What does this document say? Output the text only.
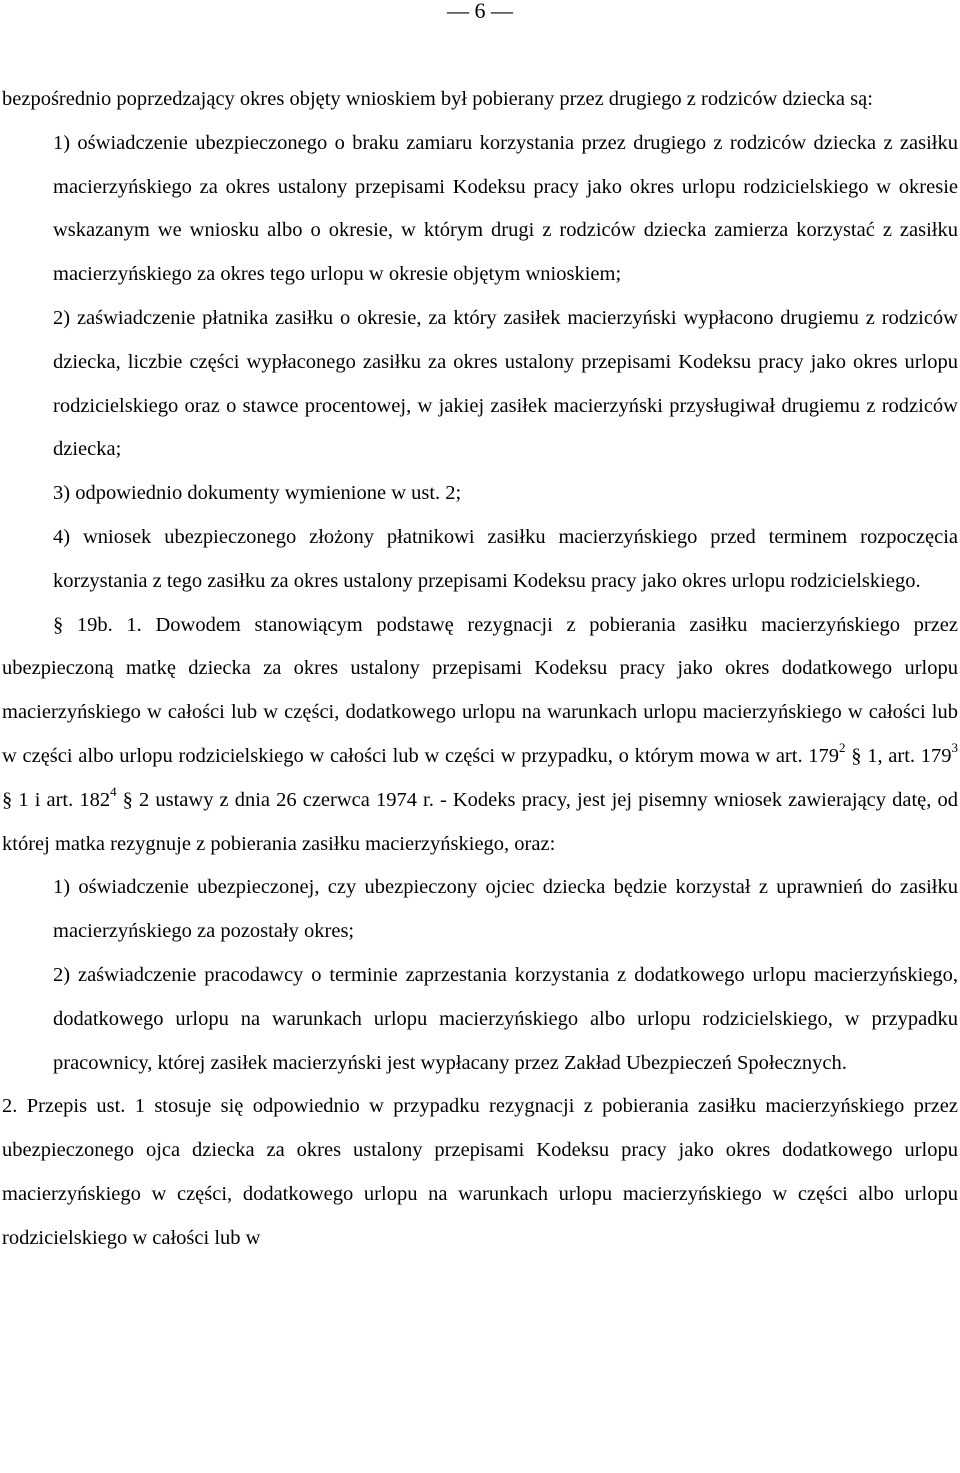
— 6 —

bezpośrednio poprzedzający okres objęty wnioskiem był pobierany przez drugiego z rodziców dziecka są:

1) oświadczenie ubezpieczonego o braku zamiaru korzystania przez drugiego z rodziców dziecka z zasiłku macierzyńskiego za okres ustalony przepisami Kodeksu pracy jako okres urlopu rodzicielskiego w okresie wskazanym we wniosku albo o okresie, w którym drugi z rodziców dziecka zamierza korzystać z zasiłku macierzyńskiego za okres tego urlopu w okresie objętym wnioskiem;

2) zaświadczenie płatnika zasiłku o okresie, za który zasiłek macierzyński wypłacono drugiemu z rodziców dziecka, liczbie części wypłaconego zasiłku za okres ustalony przepisami Kodeksu pracy jako okres urlopu rodzicielskiego oraz o stawce procentowej, w jakiej zasiłek macierzyński przysługiwał drugiemu z rodziców dziecka;

3) odpowiednio dokumenty wymienione w ust. 2;

4) wniosek ubezpieczonego złożony płatnikowi zasiłku macierzyńskiego przed terminem rozpoczęcia korzystania z tego zasiłku za okres ustalony przepisami Kodeksu pracy jako okres urlopu rodzicielskiego.

§ 19b. 1. Dowodem stanowiącym podstawę rezygnacji z pobierania zasiłku macierzyńskiego przez ubezpieczoną matkę dziecka za okres ustalony przepisami Kodeksu pracy jako okres dodatkowego urlopu macierzyńskiego w całości lub w części, dodatkowego urlopu na warunkach urlopu macierzyńskiego w całości lub w części albo urlopu rodzicielskiego w całości lub w części w przypadku, o którym mowa w art. $179^2$ § 1, art. $179^3$ § 1 i art. $182^4$ § 2 ustawy z dnia 26 czerwca 1974 r. - Kodeks pracy, jest jej pisemny wniosek zawierający datę, od której matka rezygnuje z pobierania zasiłku macierzyńskiego, oraz:

1) oświadczenie ubezpieczonej, czy ubezpieczony ojciec dziecka będzie korzystał z uprawnień do zasiłku macierzyńskiego za pozostały okres;

2) zaświadczenie pracodawcy o terminie zaprzestania korzystania z dodatkowego urlopu macierzyńskiego, dodatkowego urlopu na warunkach urlopu macierzyńskiego albo urlopu rodzicielskiego, w przypadku pracownicy, której zasiłek macierzyński jest wypłacany przez Zakład Ubezpieczeń Społecznych.

2. Przepis ust. 1 stosuje się odpowiednio w przypadku rezygnacji z pobierania zasiłku macierzyńskiego przez ubezpieczonego ojca dziecka za okres ustalony przepisami Kodeksu pracy jako okres dodatkowego urlopu macierzyńskiego w części, dodatkowego urlopu na warunkach urlopu macierzyńskiego w części albo urlopu rodzicielskiego w całości lub w
